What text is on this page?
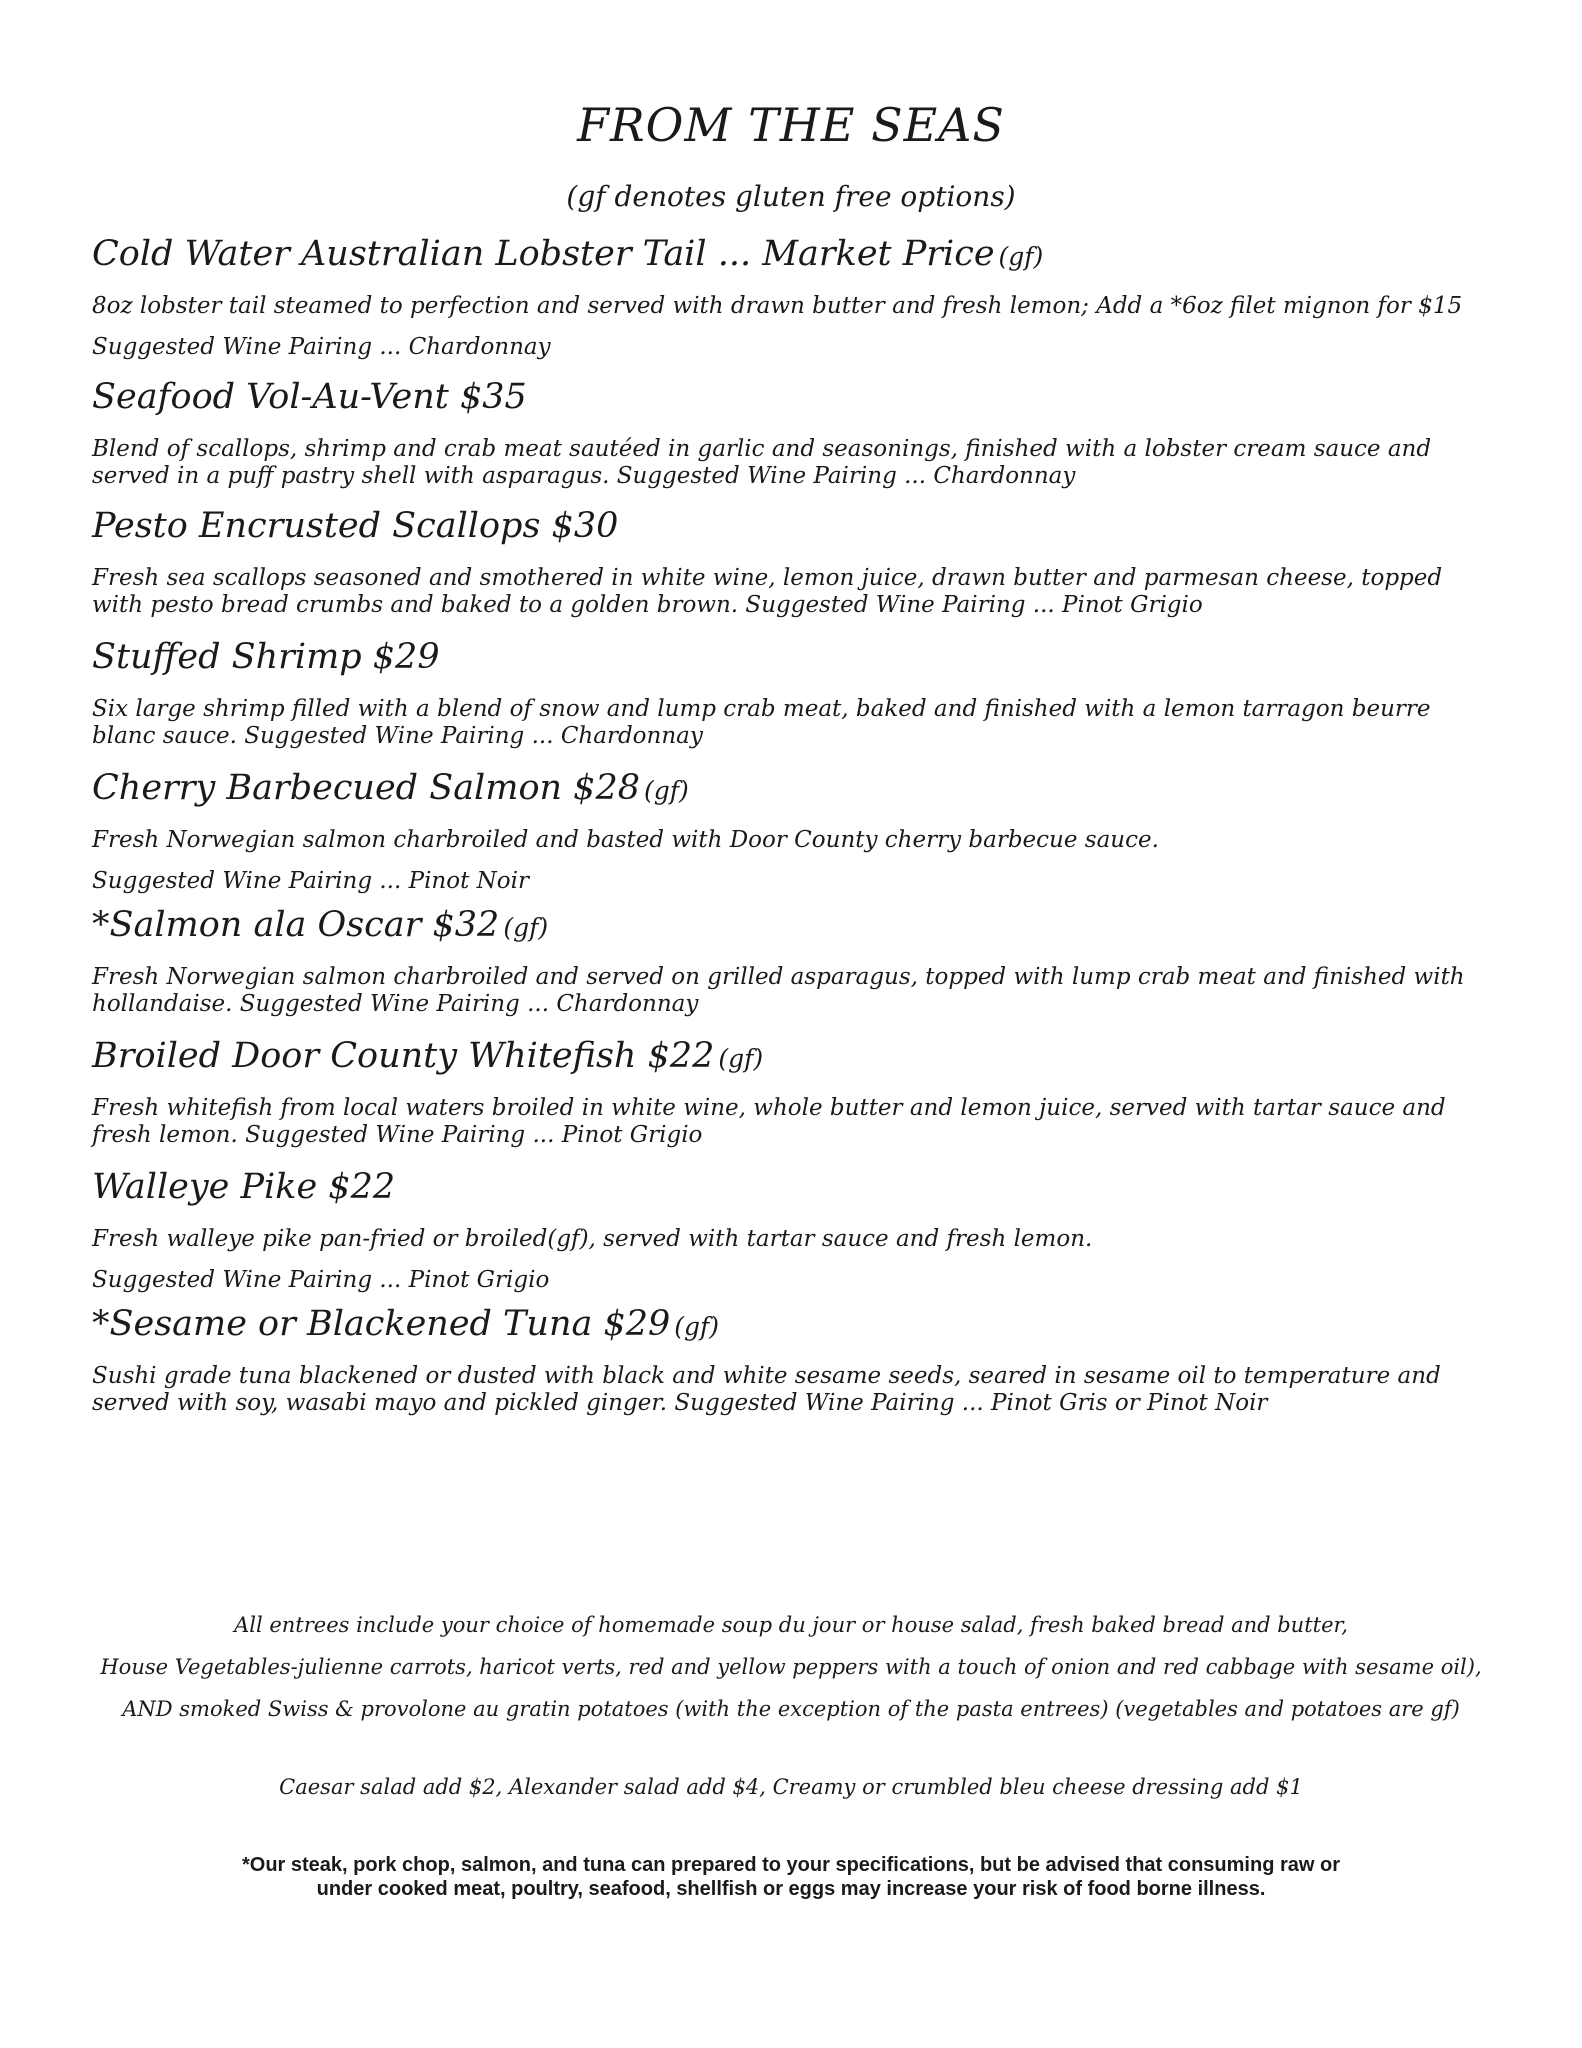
FROM THE SEAS
(gf denotes gluten free options)
Cold Water Australian Lobster Tail ... Market Price (gf)
8oz lobster tail steamed to perfection and served with drawn butter and fresh lemon; Add a *6oz filet mignon for $15
Suggested Wine Pairing ... Chardonnay
Seafood Vol-Au-Vent $35
Blend of scallops, shrimp and crab meat sautéed in garlic and seasonings, finished with a lobster cream sauce and served in a puff pastry shell with asparagus. Suggested Wine Pairing ... Chardonnay
Pesto Encrusted Scallops $30
Fresh sea scallops seasoned and smothered in white wine, lemon juice, drawn butter and parmesan cheese, topped with pesto bread crumbs and baked to a golden brown. Suggested Wine Pairing ... Pinot Grigio
Stuffed Shrimp $29
Six large shrimp filled with a blend of snow and lump crab meat, baked and finished with a lemon tarragon beurre blanc sauce. Suggested Wine Pairing ... Chardonnay
Cherry Barbecued Salmon $28 (gf)
Fresh Norwegian salmon charbroiled and basted with Door County cherry barbecue sauce.
Suggested Wine Pairing ... Pinot Noir
*Salmon ala Oscar $32 (gf)
Fresh Norwegian salmon charbroiled and served on grilled asparagus, topped with lump crab meat and finished with hollandaise. Suggested Wine Pairing ... Chardonnay
Broiled Door County Whitefish $22 (gf)
Fresh whitefish from local waters broiled in white wine, whole butter and lemon juice, served with tartar sauce and fresh lemon. Suggested Wine Pairing ... Pinot Grigio
Walleye Pike $22
Fresh walleye pike pan-fried or broiled(gf), served with tartar sauce and fresh lemon.
Suggested Wine Pairing ... Pinot Grigio
*Sesame or Blackened Tuna $29 (gf)
Sushi grade tuna blackened or dusted with black and white sesame seeds, seared in sesame oil to temperature and served with soy, wasabi mayo and pickled ginger. Suggested Wine Pairing ... Pinot Gris or Pinot Noir
All entrees include your choice of homemade soup du jour or house salad, fresh baked bread and butter,
House Vegetables-julienne carrots, haricot verts, red and yellow peppers with a touch of onion and red cabbage with sesame oil),
AND smoked Swiss & provolone au gratin potatoes (with the exception of the pasta entrees) (vegetables and potatoes are gf)
Caesar salad add $2, Alexander salad add $4, Creamy or crumbled bleu cheese dressing add $1
*Our steak, pork chop, salmon, and tuna can prepared to your specifications, but be advised that consuming raw or
under cooked meat, poultry, seafood, shellfish or eggs may increase your risk of food borne illness.
